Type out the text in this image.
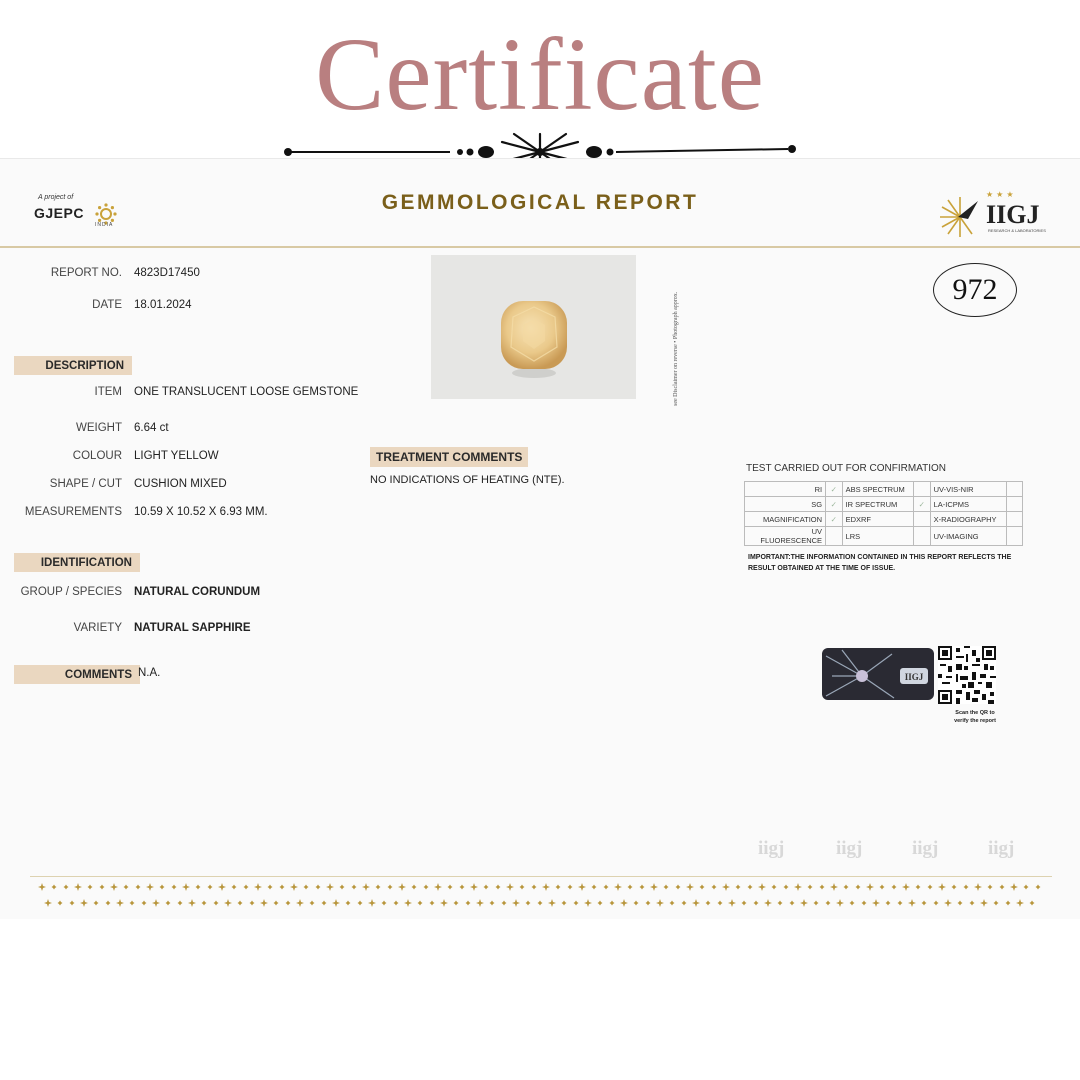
Certificate
A project of
GJEPC
INDIA
GEMMOLOGICAL REPORT	★★★
IIGJ
RESEARCH & LABORATORIES
REPORT NO. 4823D17450
DATE 18.01.2024
DESCRIPTION
ITEM ONE TRANSLUCENT LOOSE GEMSTONE
WEIGHT 6.64 ct
COLOUR LIGHT YELLOW
SHAPE / CUT CUSHION MIXED
MEASUREMENTS 10.59 X 10.52 X 6.93 MM.
IDENTIFICATION
GROUP / SPECIES NATURAL CORUNDUM
VARIETY NATURAL SAPPHIRE
COMMENTS N.A.
see Disclaimer on reverse • Photograph approx.
972
TREATMENT COMMENTS
NO INDICATIONS OF HEATING (NTE).
TEST CARRIED OUT FOR CONFIRMATION
RI	✓	ABS SPECTRUM		UV-VIS-NIR	
SG	✓	IR SPECTRUM	✓	LA-ICPMS	
MAGNIFICATION	✓	EDXRF		X-RADIOGRAPHY	
UV FLUORESCENCE		LRS		UV-IMAGING	
IMPORTANT:THE INFORMATION CONTAINED IN THIS REPORT REFLECTS THE RESULT OBTAINED AT THE TIME OF ISSUE.
IIGJ
Scan the QR to verify the report
iigj	iigj	iigj	iigj
